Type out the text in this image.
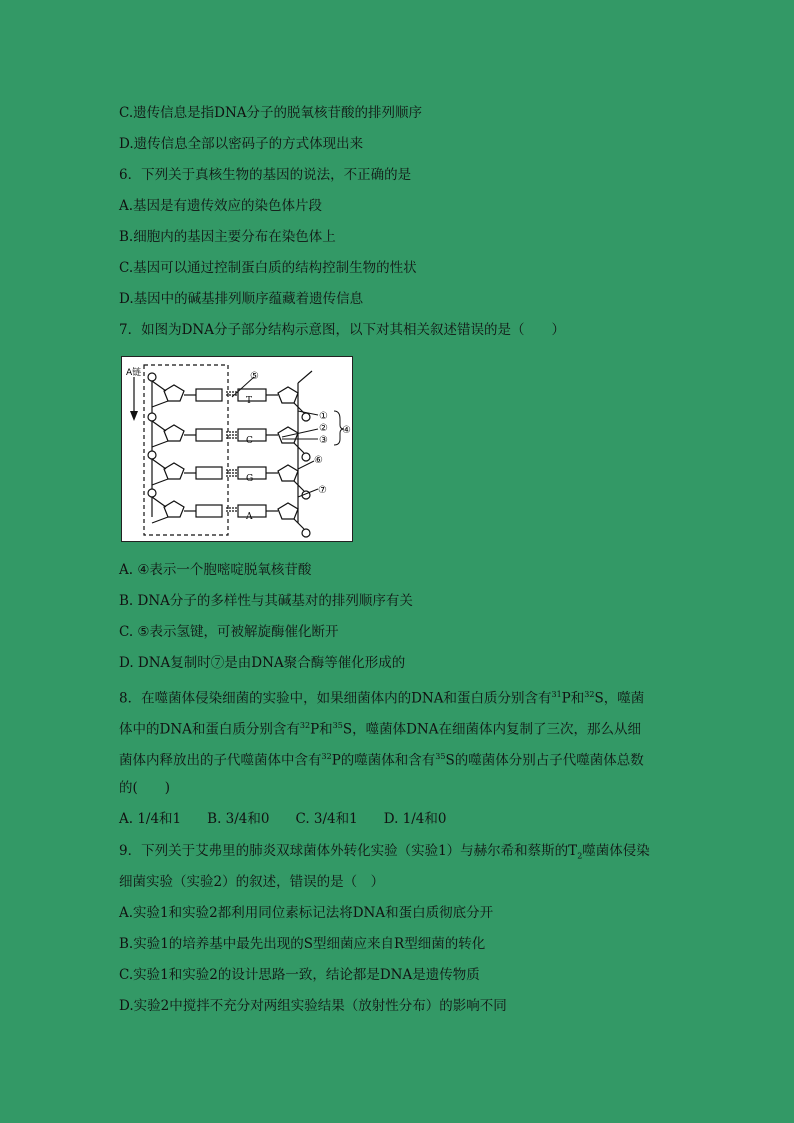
C.遗传信息是指DNA分子的脱氧核苷酸的排列顺序
D.遗传信息全部以密码子的方式体现出来
6．下列关于真核生物的基因的说法，不正确的是
A.基因是有遗传效应的染色体片段
B.细胞内的基因主要分布在染色体上
C.基因可以通过控制蛋白质的结构控制生物的性状
D.基因中的碱基排列顺序蕴藏着遗传信息
7．如图为DNA分子部分结构示意图，以下对其相关叙述错误的是（　　）
A链
T
C
G
A
⑤
①
②
③
④
⑥
⑦
A. ④表示一个胞嘧啶脱氧核苷酸
B. DNA分子的多样性与其碱基对的排列顺序有关
C. ⑤表示氢键，可被解旋酶催化断开
D. DNA复制时⑦是由DNA聚合酶等催化形成的
8．在噬菌体侵染细菌的实验中，如果细菌体内的DNA和蛋白质分别含有$^{31}$P和$^{32}$S，噬菌
体中的DNA和蛋白质分别含有$^{32}$P和$^{35}$S，噬菌体DNA在细菌体内复制了三次，那么从细
菌体内释放出的子代噬菌体中含有$^{32}$P的噬菌体和含有$^{35}$S的噬菌体分别占子代噬菌体总数
的(　　)
A. 1/4和1 B. 3/4和0 C. 3/4和1 D. 1/4和0
9．下列关于艾弗里的肺炎双球菌体外转化实验（实验1）与赫尔希和蔡斯的$T_2$噬菌体侵染
细菌实验（实验2）的叙述，错误的是（　）
A.实验1和实验2都利用同位素标记法将DNA和蛋白质彻底分开
B.实验1的培养基中最先出现的S型细菌应来自R型细菌的转化
C.实验1和实验2的设计思路一致，结论都是DNA是遗传物质
D.实验2中搅拌不充分对两组实验结果（放射性分布）的影响不同
